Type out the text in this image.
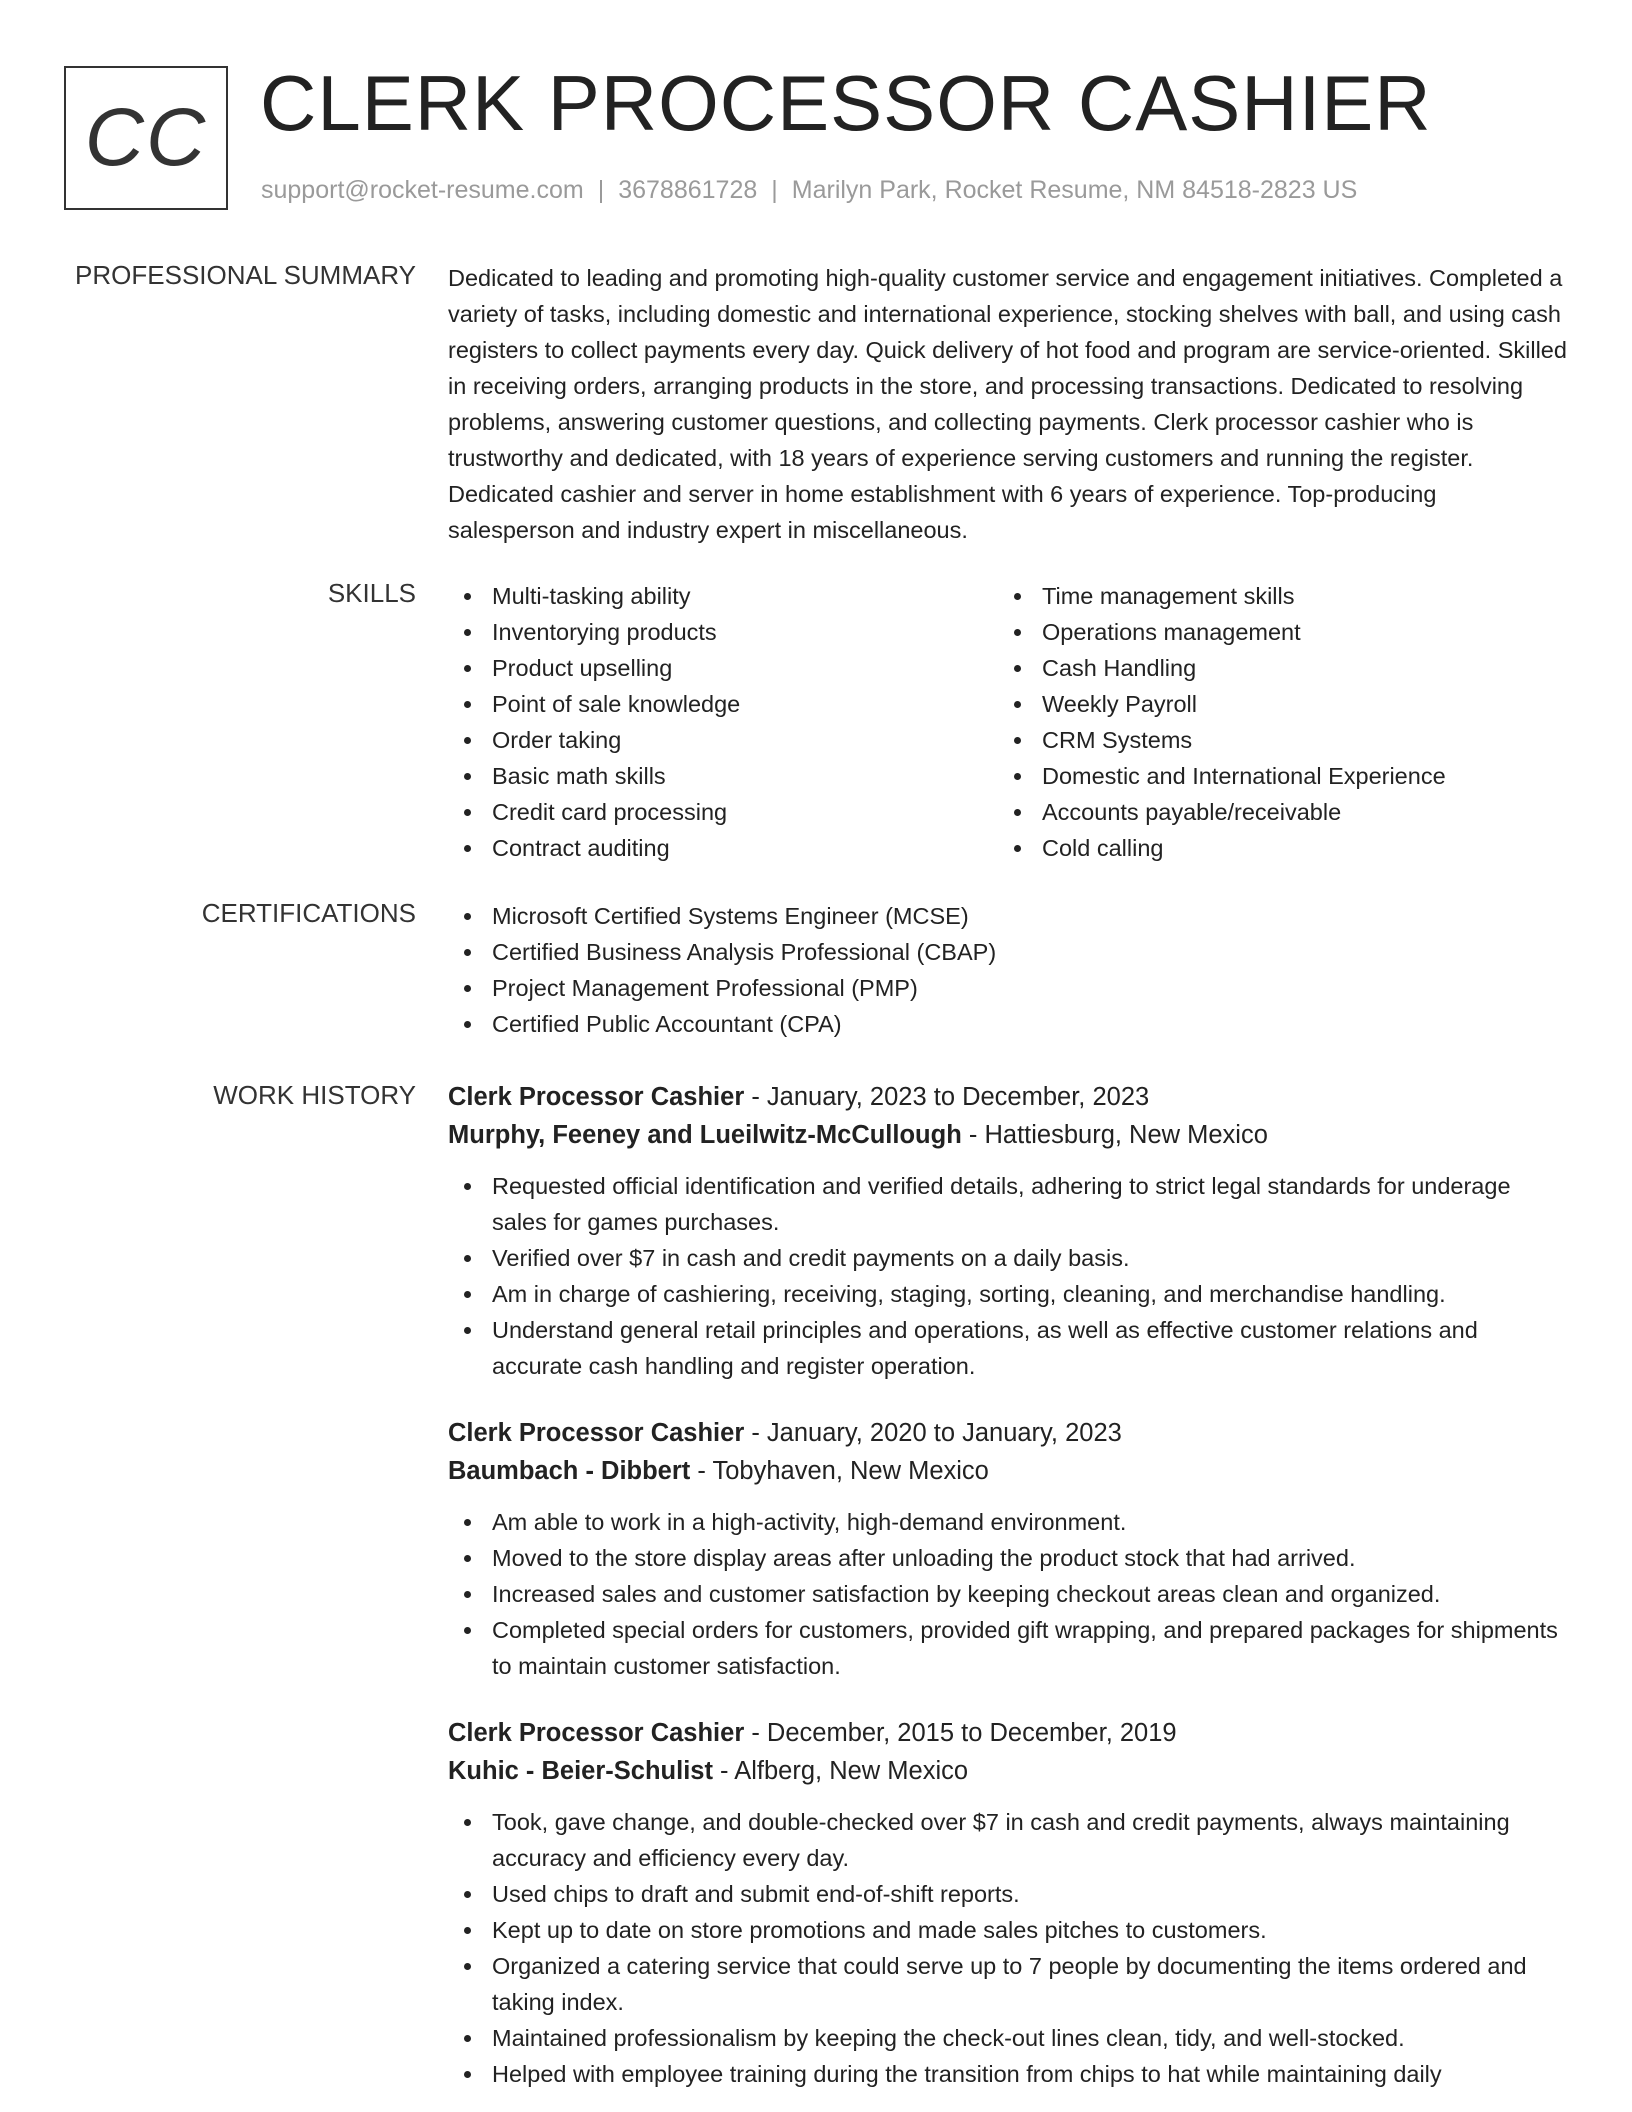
CC CLERK PROCESSOR CASHIER
support@rocket-resume.com | 3678861728 | Marilyn Park, Rocket Resume, NM 84518-2823 US
PROFESSIONAL SUMMARY Dedicated to leading and promoting high-quality customer service and engagement initiatives. Completed a variety of tasks, including domestic and international experience, stocking shelves with ball, and using cash registers to collect payments every day. Quick delivery of hot food and program are service-oriented. Skilled in receiving orders, arranging products in the store, and processing transactions. Dedicated to resolving problems, answering customer questions, and collecting payments. Clerk processor cashier who is trustworthy and dedicated, with 18 years of experience serving customers and running the register. Dedicated cashier and server in home establishment with 6 years of experience. Top-producing salesperson and industry expert in miscellaneous.

SKILLS	Multi-tasking ability
Inventorying products
Product upselling
Point of sale knowledge
Order taking
Basic math skills
Credit card processing
Contract auditing
Time management skills
Operations management
Cash Handling
Weekly Payroll
CRM Systems
Domestic and International Experience
Accounts payable/receivable
Cold calling
CERTIFICATIONS	Microsoft Certified Systems Engineer (MCSE)
Certified Business Analysis Professional (CBAP)
Project Management Professional (PMP)
Certified Public Accountant (CPA)
WORK HISTORY Clerk Processor Cashier - January, 2023 to December, 2023
Murphy, Feeney and Lueilwitz-McCullough - Hattiesburg, New Mexico
Requested official identification and verified details, adhering to strict legal standards for underage sales for games purchases.
Verified over $7 in cash and credit payments on a daily basis.
Am in charge of cashiering, receiving, staging, sorting, cleaning, and merchandise handling.
Understand general retail principles and operations, as well as effective customer relations and accurate cash handling and register operation.
Clerk Processor Cashier - January, 2020 to January, 2023
Baumbach - Dibbert - Tobyhaven, New Mexico
Am able to work in a high-activity, high-demand environment.
Moved to the store display areas after unloading the product stock that had arrived.
Increased sales and customer satisfaction by keeping checkout areas clean and organized.
Completed special orders for customers, provided gift wrapping, and prepared packages for shipments to maintain customer satisfaction.
Clerk Processor Cashier - December, 2015 to December, 2019
Kuhic - Beier-Schulist - Alfberg, New Mexico
Took, gave change, and double-checked over $7 in cash and credit payments, always maintaining accuracy and efficiency every day.
Used chips to draft and submit end-of-shift reports.
Kept up to date on store promotions and made sales pitches to customers.
Organized a catering service that could serve up to 7 people by documenting the items ordered and taking index.
Maintained professionalism by keeping the check-out lines clean, tidy, and well-stocked.
Helped with employee training during the transition from chips to hat while maintaining daily
